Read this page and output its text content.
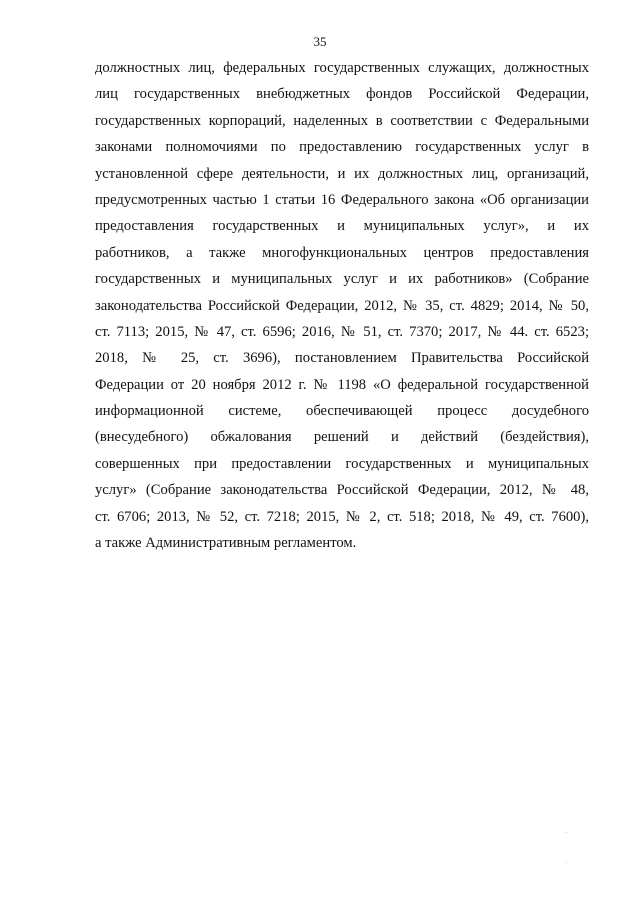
35
должностных лиц, федеральных государственных служащих, должностных
лиц государственных внебюджетных фондов Российской Федерации,
государственных корпораций, наделенных в соответствии с Федеральными
законами полномочиями по предоставлению государственных услуг в
установленной сфере деятельности, и их должностных лиц, организаций,
предусмотренных частью 1 статьи 16 Федерального закона «Об организации
предоставления государственных и муниципальных услуг», и их
работников, а также многофункциональных центров предоставления
государственных и муниципальных услуг и их работников» (Собрание
законодательства Российской Федерации, 2012, № 35, ст. 4829; 2014, № 50,
ст. 7113; 2015, № 47, ст. 6596; 2016, № 51, ст. 7370; 2017, № 44. ст. 6523;
2018, № 25, ст. 3696), постановлением Правительства Российской
Федерации от 20 ноября 2012 г. № 1198 «О федеральной государственной
информационной системе, обеспечивающей процесс досудебного
(внесудебного) обжалования решений и действий (бездействия),
совершенных при предоставлении государственных и муниципальных
услуг» (Собрание законодательства Российской Федерации, 2012, № 48,
ст. 6706; 2013, № 52, ст. 7218; 2015, № 2, ст. 518; 2018, № 49, ст. 7600),
а также Административным регламентом.
